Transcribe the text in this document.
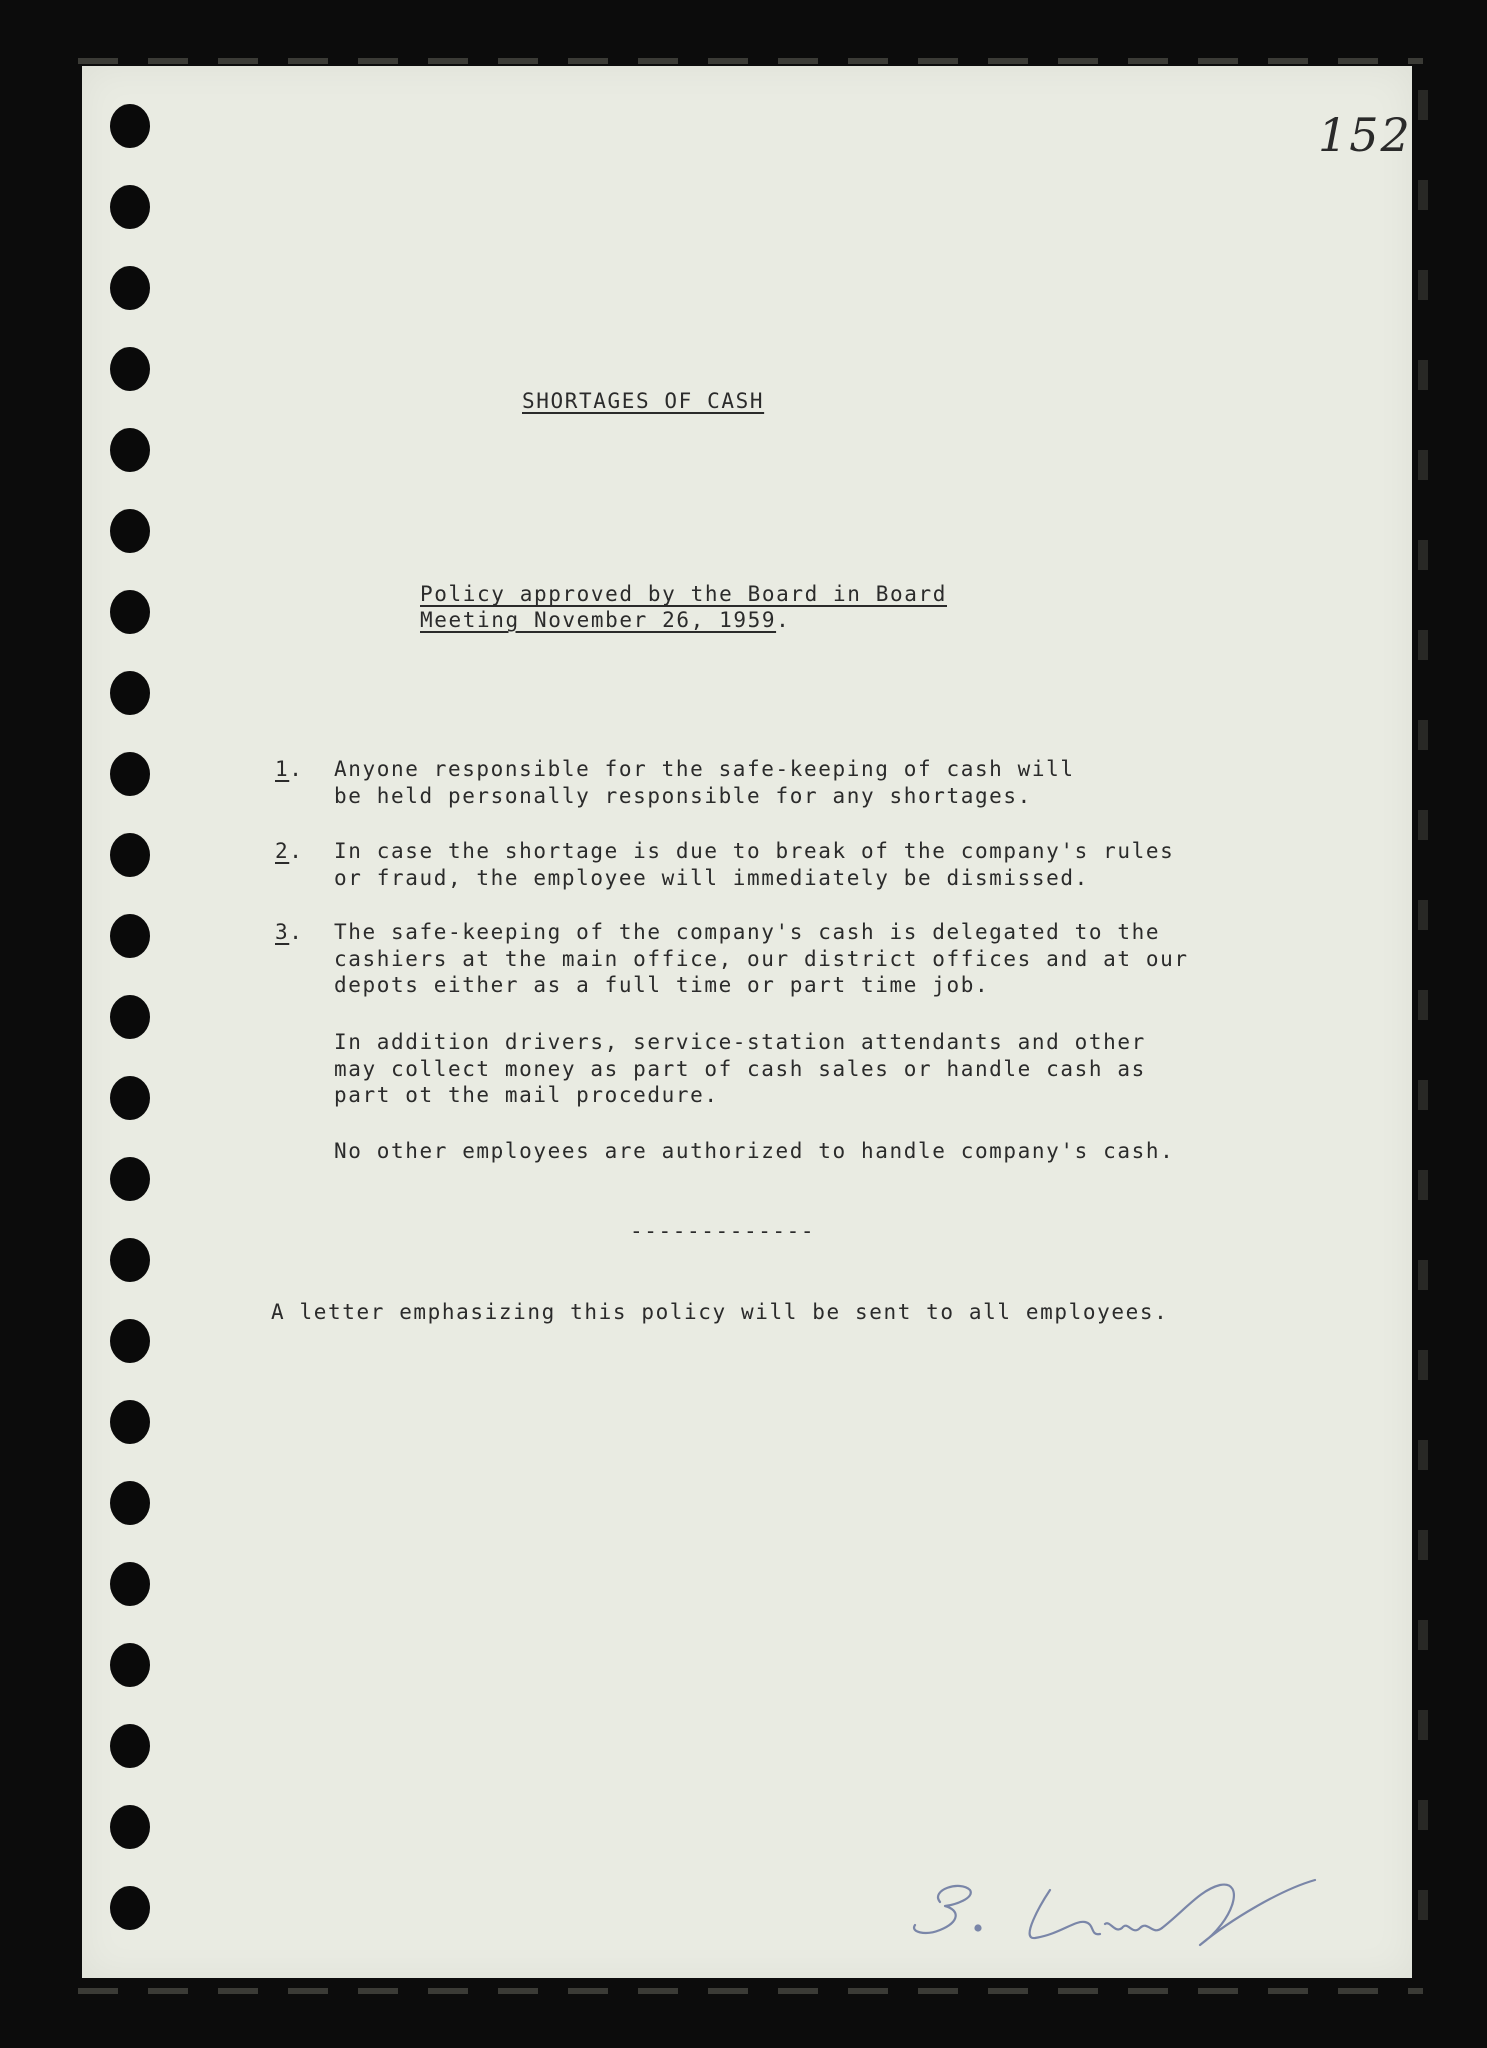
152
SHORTAGES OF CASH
Policy approved by the Board in Board
Meeting November 26, 1959.
1. Anyone responsible for the safe-keeping of cash will
be held personally responsible for any shortages.
2. In case the shortage is due to break of the company's rules
or fraud, the employee will immediately be dismissed.
3. The safe-keeping of the company's cash is delegated to the
cashiers at the main office, our district offices and at our
depots either as a full time or part time job.
In addition drivers, service-station attendants and other
may collect money as part of cash sales or handle cash as
part ot the mail procedure.
No other employees are authorized to handle company's cash.
-------------
A letter emphasizing this policy will be sent to all employees.
